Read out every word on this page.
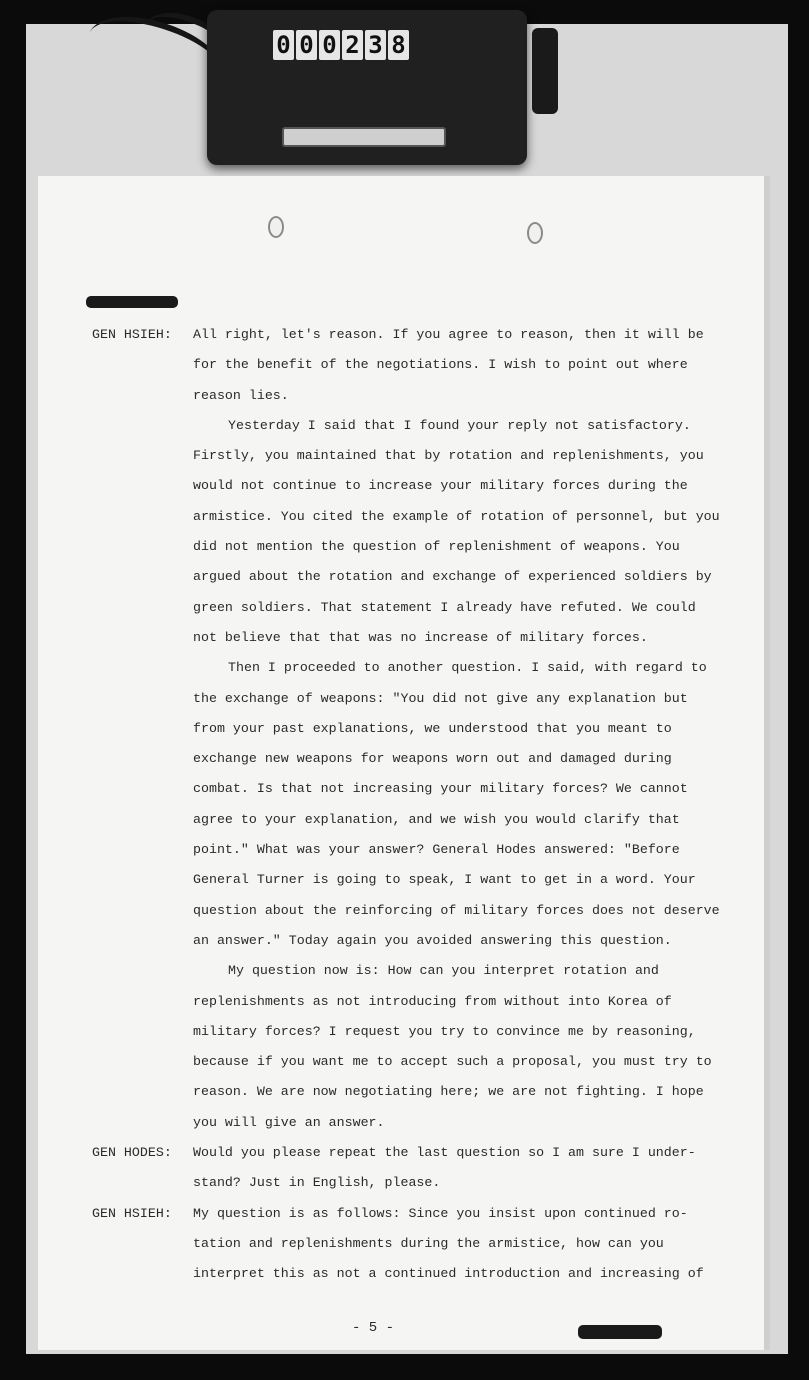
0 0 0 2 3 8
GEN HSIEH:	All right, let's reason. If you agree to reason, then it will be
for the benefit of the negotiations. I wish to point out where
reason lies.
Yesterday I said that I found your reply not satisfactory.
Firstly, you maintained that by rotation and replenishments, you
would not continue to increase your military forces during the
armistice. You cited the example of rotation of personnel, but you
did not mention the question of replenishment of weapons. You
argued about the rotation and exchange of experienced soldiers by
green soldiers. That statement I already have refuted. We could
not believe that that was no increase of military forces.
Then I proceeded to another question. I said, with regard to
the exchange of weapons: "You did not give any explanation but
from your past explanations, we understood that you meant to
exchange new weapons for weapons worn out and damaged during
combat. Is that not increasing your military forces? We cannot
agree to your explanation, and we wish you would clarify that
point." What was your answer? General Hodes answered: "Before
General Turner is going to speak, I want to get in a word. Your
question about the reinforcing of military forces does not deserve
an answer." Today again you avoided answering this question.
My question now is: How can you interpret rotation and
replenishments as not introducing from without into Korea of
military forces? I request you try to convince me by reasoning,
because if you want me to accept such a proposal, you must try to
reason. We are now negotiating here; we are not fighting. I hope
you will give an answer.
GEN HODES:	Would you please repeat the last question so I am sure I under-
stand? Just in English, please.
GEN HSIEH:	My question is as follows: Since you insist upon continued ro-
tation and replenishments during the armistice, how can you
interpret this as not a continued introduction and increasing of
- 5 -
